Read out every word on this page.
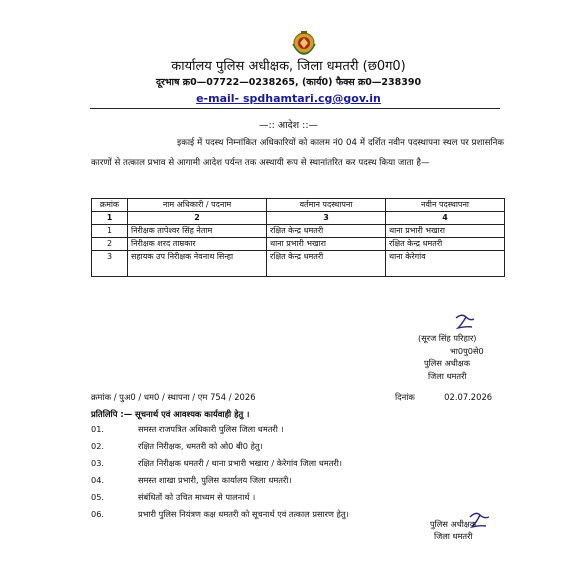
कार्यालय पुलिस अधीक्षक, जिला धमतरी (छ0ग0)
दूरभाष क्र0—07722—0238265, (कार्य0) फैक्स क्र0—238390
e-mail- spdhamtari.cg@gov.in
—:: आदेश ::—
इकाई में पदस्थ निम्नांकित अधिकारियों को कालम नं0 04 में दर्शित नवीन पदस्थापना स्थल पर प्रशासनिक कारणों से तत्काल प्रभाव से आगामी आदेश पर्यन्त तक अस्थायी रूप से स्थानांतरित कर पदस्थ किया जाता है—
क्रमांक	नाम अधिकारी / पदनाम	वर्तमान पदस्थापना	नवीन पदस्थापना
1	2	3	4
1	निरीक्षक तापेश्वर सिंह नेताम	रक्षित केन्द्र धमतरी	थाना प्रभारी भखारा
2	निरीक्षक शरद ताम्रकार	थाना प्रभारी भखारा	रक्षित केन्द्र धमतरी
3	सहायक उप निरीक्षक नेवनाथ सिन्हा	रक्षित केन्द्र धमतरी	थाना केरेगांव
(सूरज सिंह परिहार)
भा0पु0से0
पुलिस अधीक्षक
जिला धमतरी
क्रमांक / पुअ0 / धम0 / स्थापना / एम 754 / 2026	दिनांक	02.07.2026
प्रतिलिपि :— सूचनार्थ एवं आवश्यक कार्यवाही हेतु ।
01.	समस्त राजपत्रित अधिकारी पुलिस जिला धमतरी ।
02.	रक्षित निरीक्षक, धमतरी को ओ0 बी0 हेतु।
03.	रक्षित निरीक्षक धमतरी / थाना प्रभारी भखारा / केरेगांव जिला धमतरी।
04.	समस्त शाखा प्रभारी, पुलिस कार्यालय जिला धमतरी।
05.	संबंधितों को उचित माध्यम से पालनार्थ ।
06.	प्रभारी पुलिस नियंत्रण कक्ष धमतरी को सूचनार्थ एवं तत्काल प्रसारण हेतु।
पुलिस अधीक्षक
जिला धमतरी
